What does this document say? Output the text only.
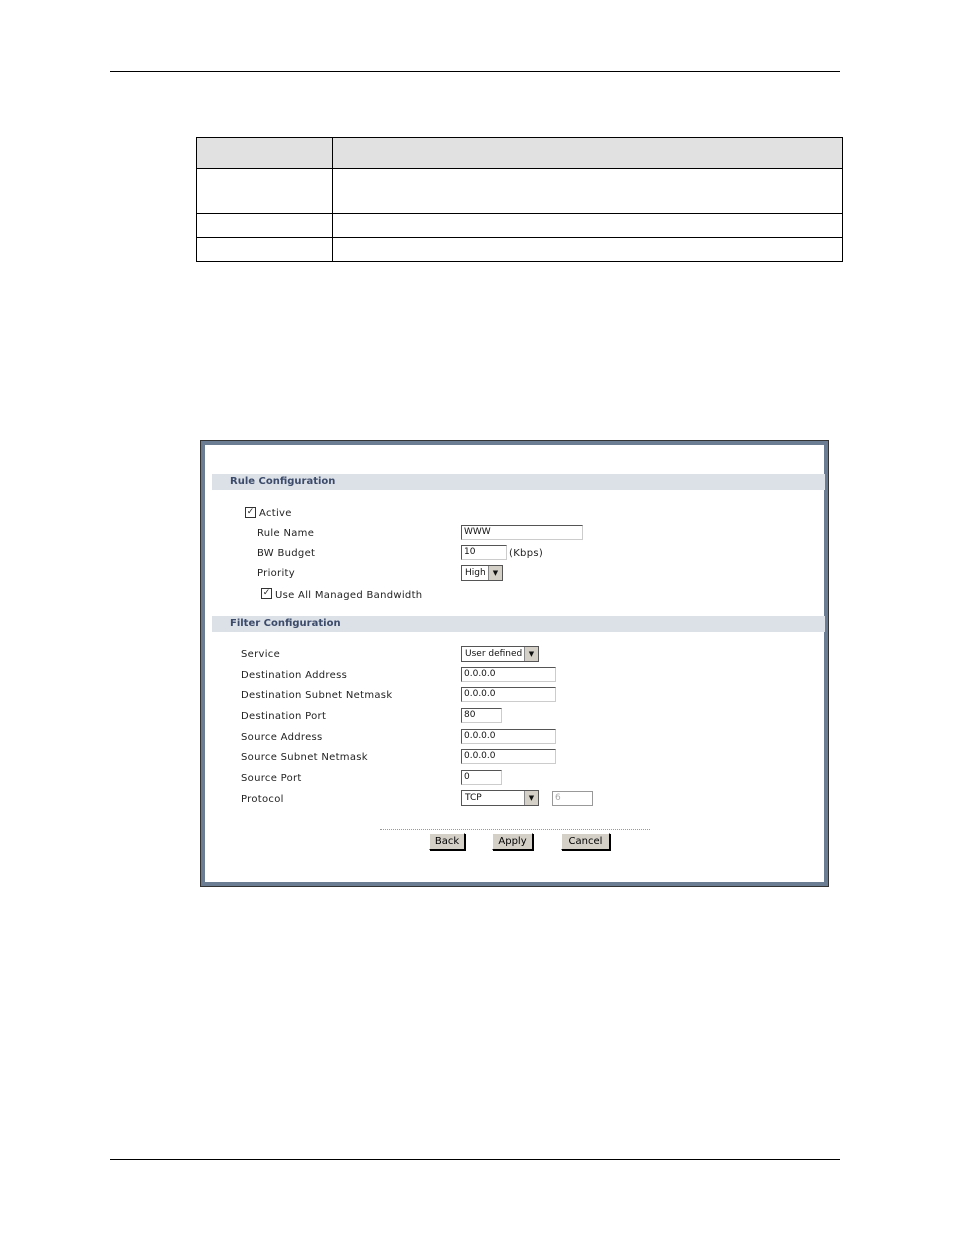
Rule Configuration
✓ Active
Rule Name	WWW
BW Budget	10	(Kbps)
Priority	High	▼
✓ Use All Managed Bandwidth
Filter Configuration
Service	User defined ▼
Destination Address	0.0.0.0
Destination Subnet Netmask	0.0.0.0
Destination Port	80
Source Address	0.0.0.0
Source Subnet Netmask	0.0.0.0
Source Port	0
Protocol	TCP	▼	6
Back	Apply	Cancel
